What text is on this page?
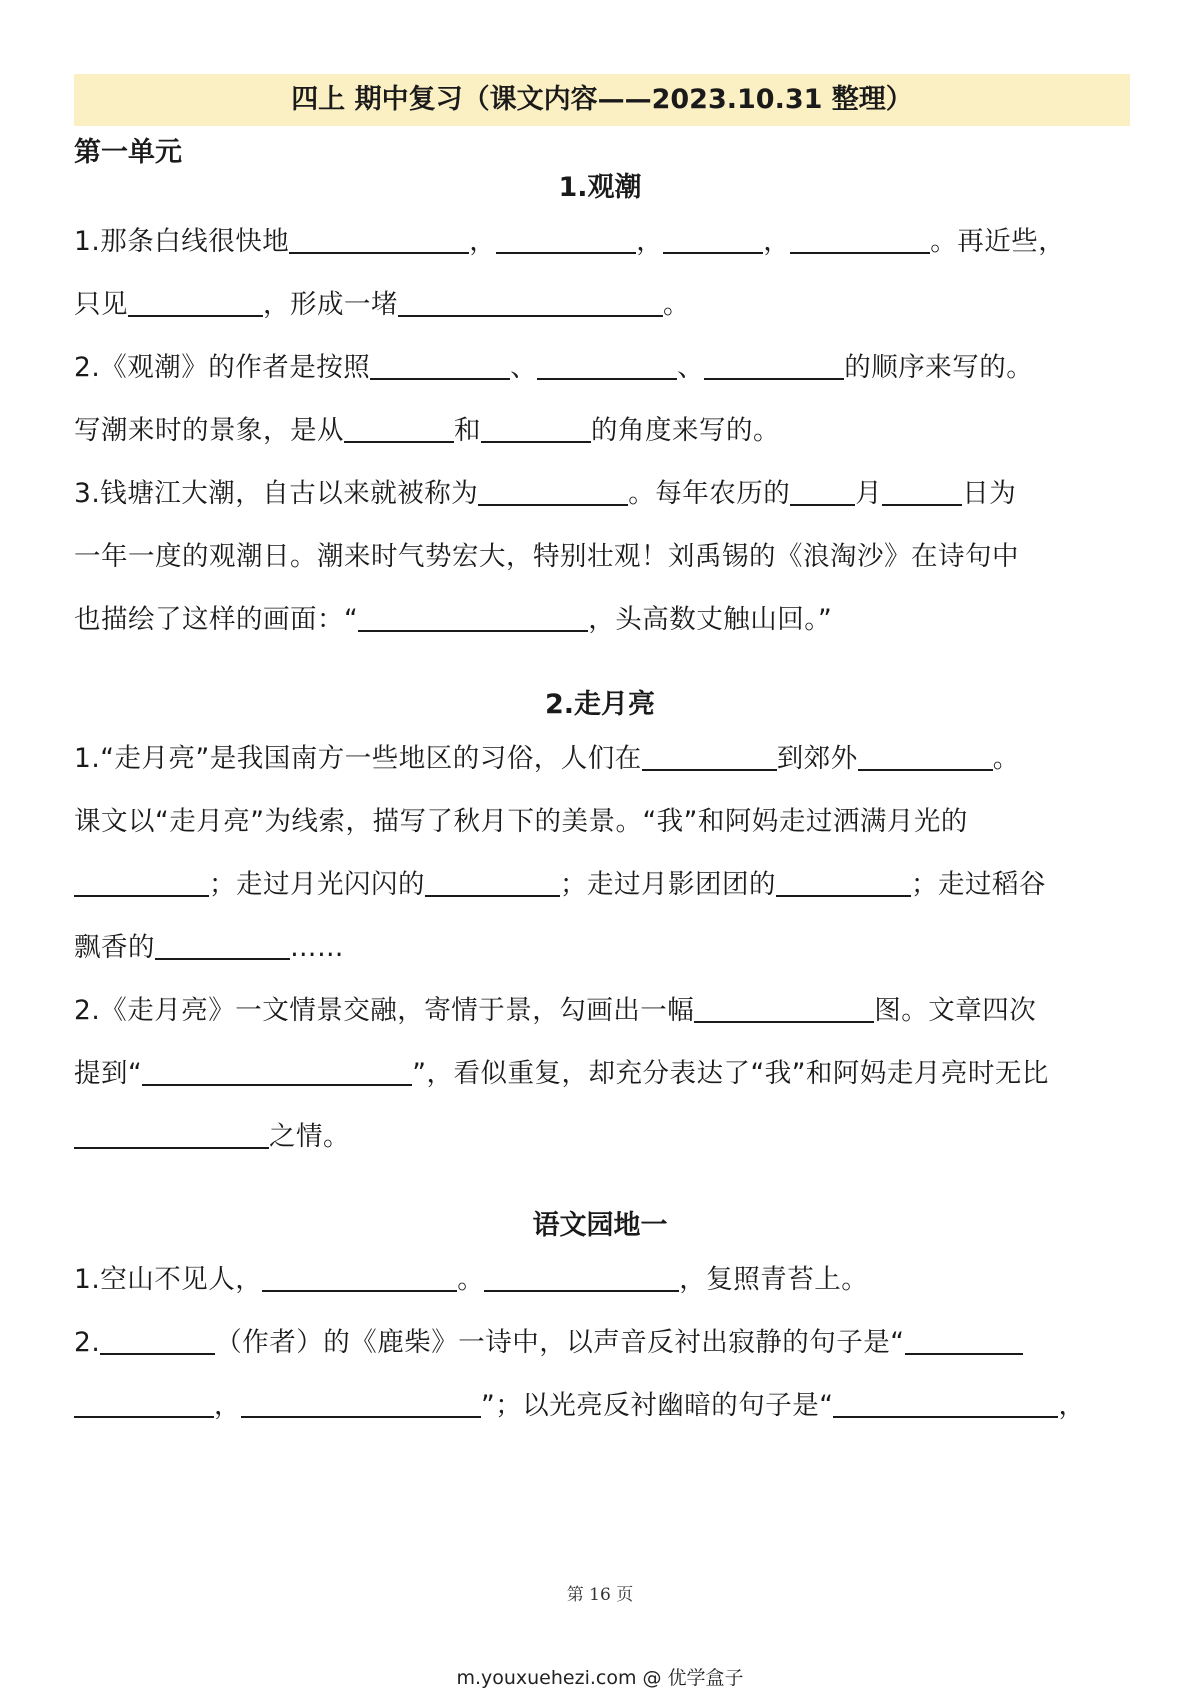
四上 期中复习（课文内容——2023.10.31 整理）
第一单元
1.观潮
1.那条白线很快地	，	，	，	。再近些，
只见	，形成一堵	。
2.《观潮》的作者是按照	、	、	的顺序来写的。
写潮来时的景象，是从	和	的角度来写的。
3.钱塘江大潮，自古以来就被称为	。每年农历的 月	日为
一年一度的观潮日。潮来时气势宏大，特别壮观！刘禹锡的《浪淘沙》在诗句中
也描绘了这样的画面：“	，头高数丈触山回。”
2.走月亮
1.“走月亮”是我国南方一些地区的习俗，人们在	到郊外	。
课文以“走月亮”为线索，描写了秋月下的美景。“我”和阿妈走过洒满月光的
；走过月光闪闪的	；走过月影团团的	；走过稻谷
飘香的	……
2.《走月亮》一文情景交融，寄情于景，勾画出一幅	图。文章四次
提到“	”，看似重复，却充分表达了“我”和阿妈走月亮时无比
之情。
语文园地一
1.空山不见人，	。	，复照青苔上。
2.	（作者）的《鹿柴》一诗中，以声音反衬出寂静的句子是“
，	”；以光亮反衬幽暗的句子是“	，
第 16 页
m.youxuehezi.com @ 优学盒子
